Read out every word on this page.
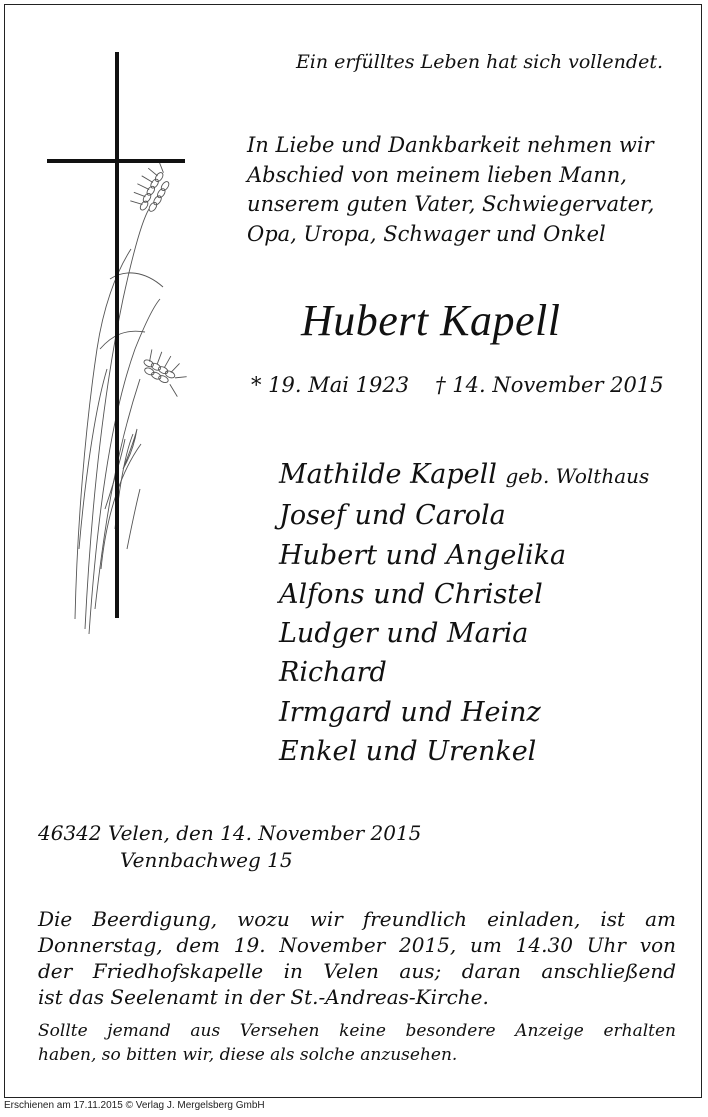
Ein erfülltes Leben hat sich vollendet.
In Liebe und Dankbarkeit nehmen wir
Abschied von meinem lieben Mann,
unserem guten Vater, Schwiegervater,
Opa, Uropa, Schwager und Onkel
Hubert Kapell
* 19. Mai 1923 † 14. November 2015
Mathilde Kapell geb. Wolthaus
Josef und Carola
Hubert und Angelika
Alfons und Christel
Ludger und Maria
Richard
Irmgard und Heinz
Enkel und Urenkel
46342 Velen, den 14. November 2015
Vennbachweg 15
Die Beerdigung, wozu wir freundlich einladen, ist am
Donnerstag, dem 19. November 2015, um 14.30 Uhr von
der Friedhofskapelle in Velen aus; daran anschließend
ist das Seelenamt in der St.-Andreas-Kirche.
Sollte jemand aus Versehen keine besondere Anzeige erhalten
haben, so bitten wir, diese als solche anzusehen.
Erschienen am 17.11.2015 © Verlag J. Mergelsberg GmbH
